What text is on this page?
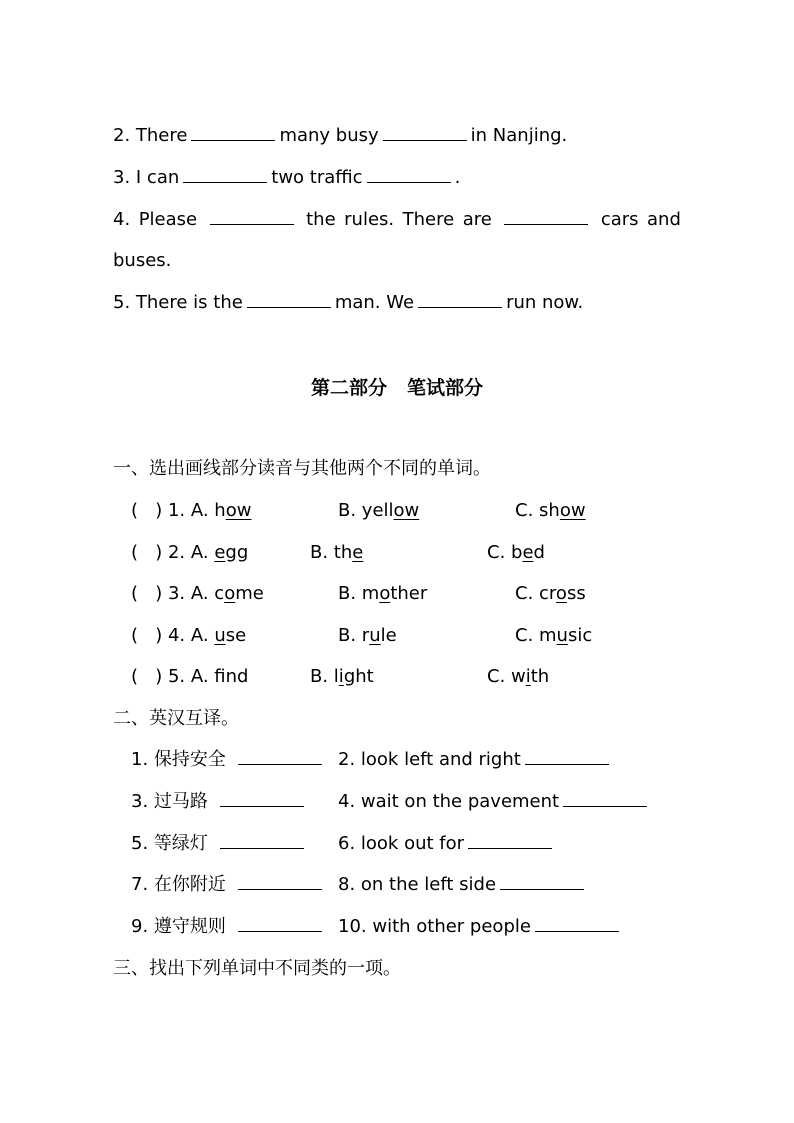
2. There	many busy	in Nanjing.
3. I can	two traffic	.
4. Please	the rules. There are	cars and
buses.
5. There is the	man. We	run now.
第二部分 笔试部分
一、选出画线部分读音与其他两个不同的单词。
( ) 1. A. how	B. yellow	C. show
( ) 2. A. egg	B. the	C. bed
( ) 3. A. come	B. mother	C. cross
( ) 4. A. use	B. rule	C. music
( ) 5. A. fnd	B. light	C. with
二、英汉互译。
1. 保持安全	2. look left and right
3. 过马路	4. wait on the pavement
5. 等绿灯	6. look out for
7. 在你附近	8. on the left side
9. 遵守规则	10. with other people
三、找出下列单词中不同类的一项。
